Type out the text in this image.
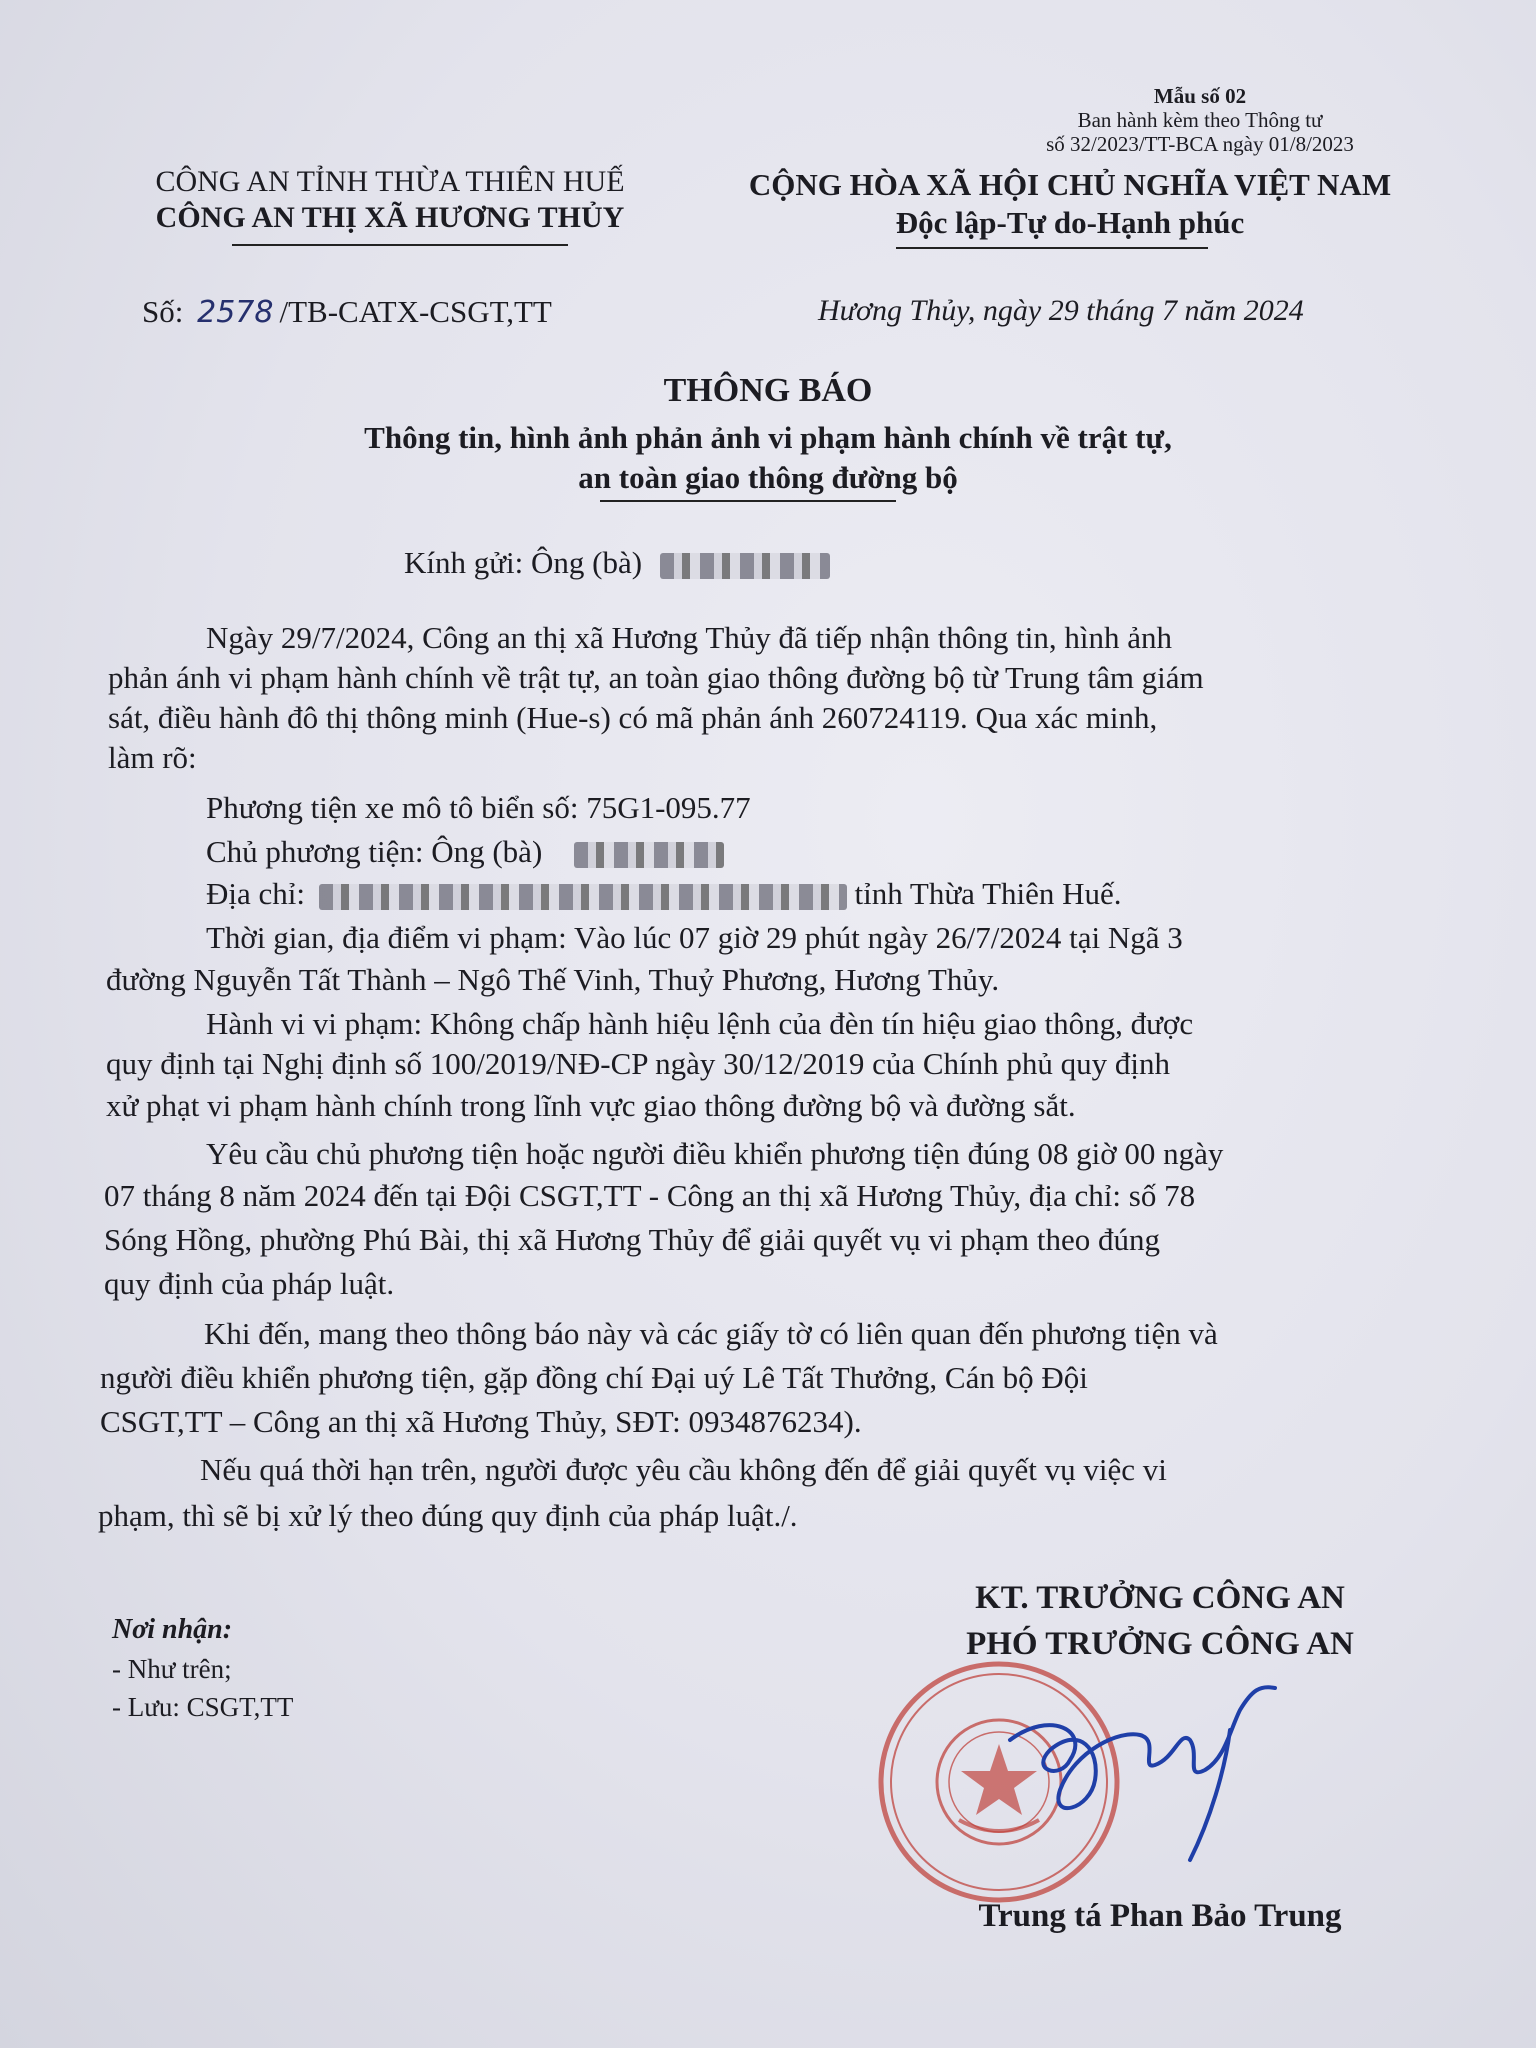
Mẫu số 02
Ban hành kèm theo Thông tư
số 32/2023/TT-BCA ngày 01/8/2023
CÔNG AN TỈNH THỪA THIÊN HUẾ
CÔNG AN THỊ XÃ HƯƠNG THỦY
CỘNG HÒA XÃ HỘI CHỦ NGHĨA VIỆT NAM
Độc lập-Tự do-Hạnh phúc
Số: 2578 /TB-CATX-CSGT,TT	Hương Thủy, ngày 29 tháng 7 năm 2024
THÔNG BÁO
Thông tin, hình ảnh phản ảnh vi phạm hành chính về trật tự,
an toàn giao thông đường bộ
Kính gửi: Ông (bà)
Ngày 29/7/2024, Công an thị xã Hương Thủy đã tiếp nhận thông tin, hình ảnh
phản ánh vi phạm hành chính về trật tự, an toàn giao thông đường bộ từ Trung tâm giám
sát, điều hành đô thị thông minh (Hue-s) có mã phản ánh 260724119. Qua xác minh,
làm rõ:
Phương tiện xe mô tô biển số: 75G1-095.77
Chủ phương tiện: Ông (bà)
Địa chỉ:	tỉnh Thừa Thiên Huế.
Thời gian, địa điểm vi phạm: Vào lúc 07 giờ 29 phút ngày 26/7/2024 tại Ngã 3
đường Nguyễn Tất Thành – Ngô Thế Vinh, Thuỷ Phương, Hương Thủy.
Hành vi vi phạm: Không chấp hành hiệu lệnh của đèn tín hiệu giao thông, được
quy định tại Nghị định số 100/2019/NĐ-CP ngày 30/12/2019 của Chính phủ quy định
xử phạt vi phạm hành chính trong lĩnh vực giao thông đường bộ và đường sắt.
Yêu cầu chủ phương tiện hoặc người điều khiển phương tiện đúng 08 giờ 00 ngày
07 tháng 8 năm 2024 đến tại Đội CSGT,TT - Công an thị xã Hương Thủy, địa chỉ: số 78
Sóng Hồng, phường Phú Bài, thị xã Hương Thủy để giải quyết vụ vi phạm theo đúng
quy định của pháp luật.
Khi đến, mang theo thông báo này và các giấy tờ có liên quan đến phương tiện và
người điều khiển phương tiện, gặp đồng chí Đại uý Lê Tất Thưởng, Cán bộ Đội
CSGT,TT – Công an thị xã Hương Thủy, SĐT: 0934876234).
Nếu quá thời hạn trên, người được yêu cầu không đến để giải quyết vụ việc vi
phạm, thì sẽ bị xử lý theo đúng quy định của pháp luật./.
Nơi nhận:
- Như trên;
- Lưu: CSGT,TT
KT. TRƯỞNG CÔNG AN
PHÓ TRƯỞNG CÔNG AN
Trung tá Phan Bảo Trung
